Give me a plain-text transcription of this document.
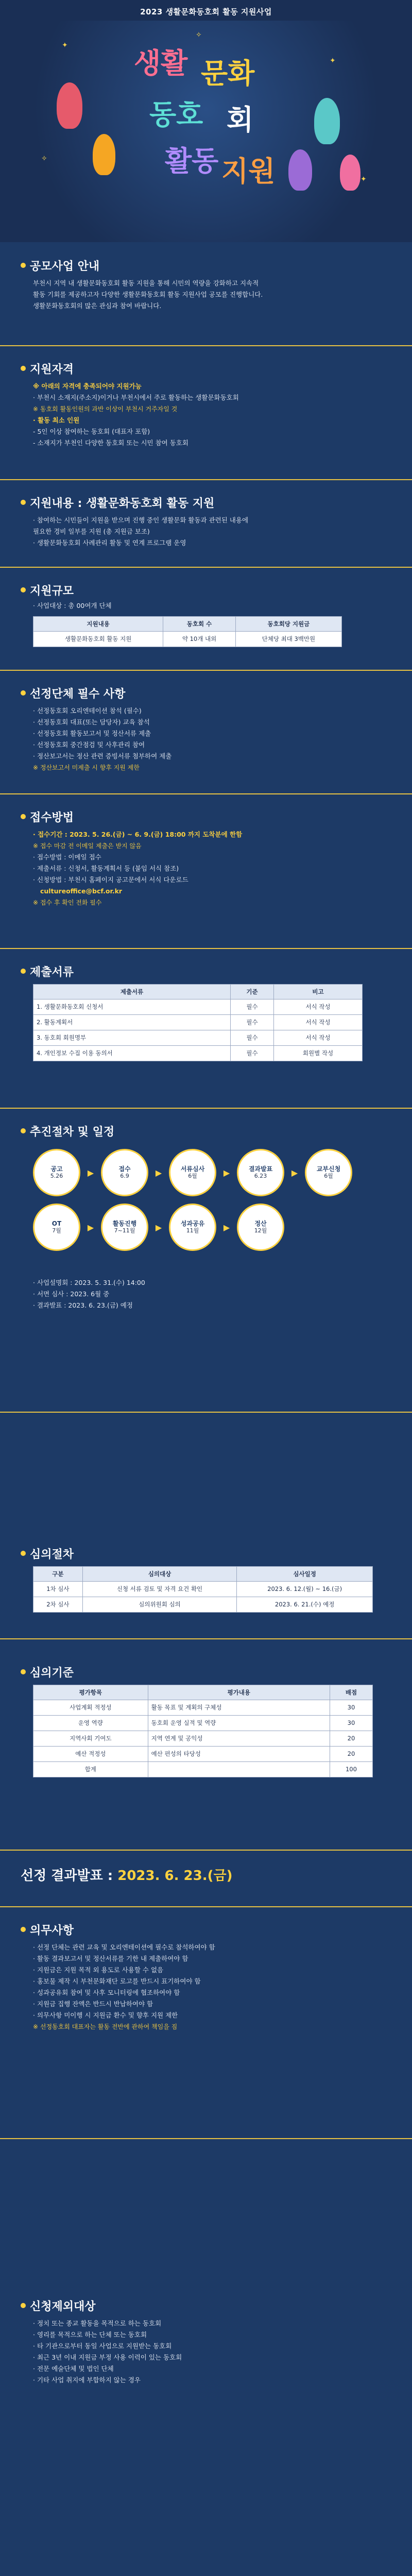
2023 생활문화동호회 활동 지원사업
✦
✦
✧
✦
✧
생활 문화
동호 회
활동 지원
공모사업 안내

부천시 지역 내 생활문화동호회 활동 지원을 통해 시민의 역량을 강화하고 지속적

활동 기회를 제공하고자 다양한 생활문화동호회 활동 지원사업 공모를 진행합니다.

생활문화동호회의 많은 관심과 참여 바랍니다.

지원자격

※ 아래의 자격에 충족되어야 지원가능

· 부천시 소재지(주소지)이거나 부천시에서 주로 활동하는 생활문화동호회

※ 동호회 활동인원의 과반 이상이 부천시 거주자일 것

· 활동 최소 인원

- 5인 이상 참여하는 동호회 (대표자 포함)

- 소재지가 부천인 다양한 동호회 또는 시민 참여 동호회

지원내용 : 생활문화동호회 활동 지원

· 참여하는 시민들이 지원을 받으며 진행 중인 생활문화 활동과 관련된 내용에

필요한 경비 일부를 지원 (총 지원금 보조)

· 생활문화동호회 사례관리 활동 및 연계 프로그램 운영

지원규모

· 사업대상 : 총 00여개 단체

지원내용	동호회 수	동호회당 지원금
생활문화동호회 활동 지원	약 10개 내외	단체당 최대 3백만원
선정단체 필수 사항

· 선정동호회 오리엔테이션 참석 (필수)

· 선정동호회 대표(또는 담당자) 교육 참석

· 선정동호회 활동보고서 및 정산서류 제출

· 선정동호회 중간점검 및 사후관리 참여

· 정산보고서는 정산 관련 증빙서류 첨부하여 제출

※ 정산보고서 미제출 시 향후 지원 제한

접수방법

· 접수기간 : 2023. 5. 26.(금) ~ 6. 9.(금) 18:00 까지 도착분에 한함

※ 접수 마감 전 이메일 제출은 받지 않음

· 접수방법 : 이메일 접수

· 제출서류 : 신청서, 활동계획서 등 (붙임 서식 참조)

· 신청방법 : 부천시 홈페이지 공고문에서 서식 다운로드

cultureoffice@bcf.or.kr

※ 접수 후 확인 전화 필수

제출서류
제출서류	기준	비고
1. 생활문화동호회 신청서	필수	서식 작성
2. 활동계획서	필수	서식 작성
3. 동호회 회원명부	필수	서식 작성
4. 개인정보 수집 이용 동의서	필수	회원별 작성
추진절차 및 일정
공고
5.26	▶	접수
6.9	▶	서류심사
6월	▶	결과발표
6.23	▶	교부신청
6월
OT
7월	▶	활동진행
7~11월 ▶	성과공유
11월	▶	정산
12월

· 사업설명회 : 2023. 5. 31.(수) 14:00

· 서면 심사 : 2023. 6월 중

· 결과발표 : 2023. 6. 23.(금) 예정

심의절차
구분	심의대상	심사일정
1차 심사	신청 서류 검토 및 자격 요건 확인	2023. 6. 12.(월) ~ 16.(금)
2차 심사	심의위원회 심의	2023. 6. 21.(수) 예정
심의기준
평가항목	평가내용	배점
사업계획 적정성	활동 목표 및 계획의 구체성	30
운영 역량	동호회 운영 실적 및 역량	30
지역사회 기여도	지역 연계 및 공익성	20
예산 적정성	예산 편성의 타당성	20
합계		100
선정 결과발표 : 2023. 6. 23.(금)
의무사항

· 선정 단체는 관련 교육 및 오리엔테이션에 필수로 참석하여야 함

· 활동 결과보고서 및 정산서류를 기한 내 제출하여야 함

· 지원금은 지원 목적 외 용도로 사용할 수 없음

· 홍보물 제작 시 부천문화재단 로고를 반드시 표기하여야 함

· 성과공유회 참여 및 사후 모니터링에 협조하여야 함

· 지원금 집행 잔액은 반드시 반납하여야 함

· 의무사항 미이행 시 지원금 환수 및 향후 지원 제한

※ 선정동호회 대표자는 활동 전반에 관하여 책임을 짐

신청제외대상

· 정치 또는 종교 활동을 목적으로 하는 동호회

· 영리를 목적으로 하는 단체 또는 동호회

· 타 기관으로부터 동일 사업으로 지원받는 동호회

· 최근 3년 이내 지원금 부정 사용 이력이 있는 동호회

· 전문 예술단체 및 법인 단체

· 기타 사업 취지에 부합하지 않는 경우
